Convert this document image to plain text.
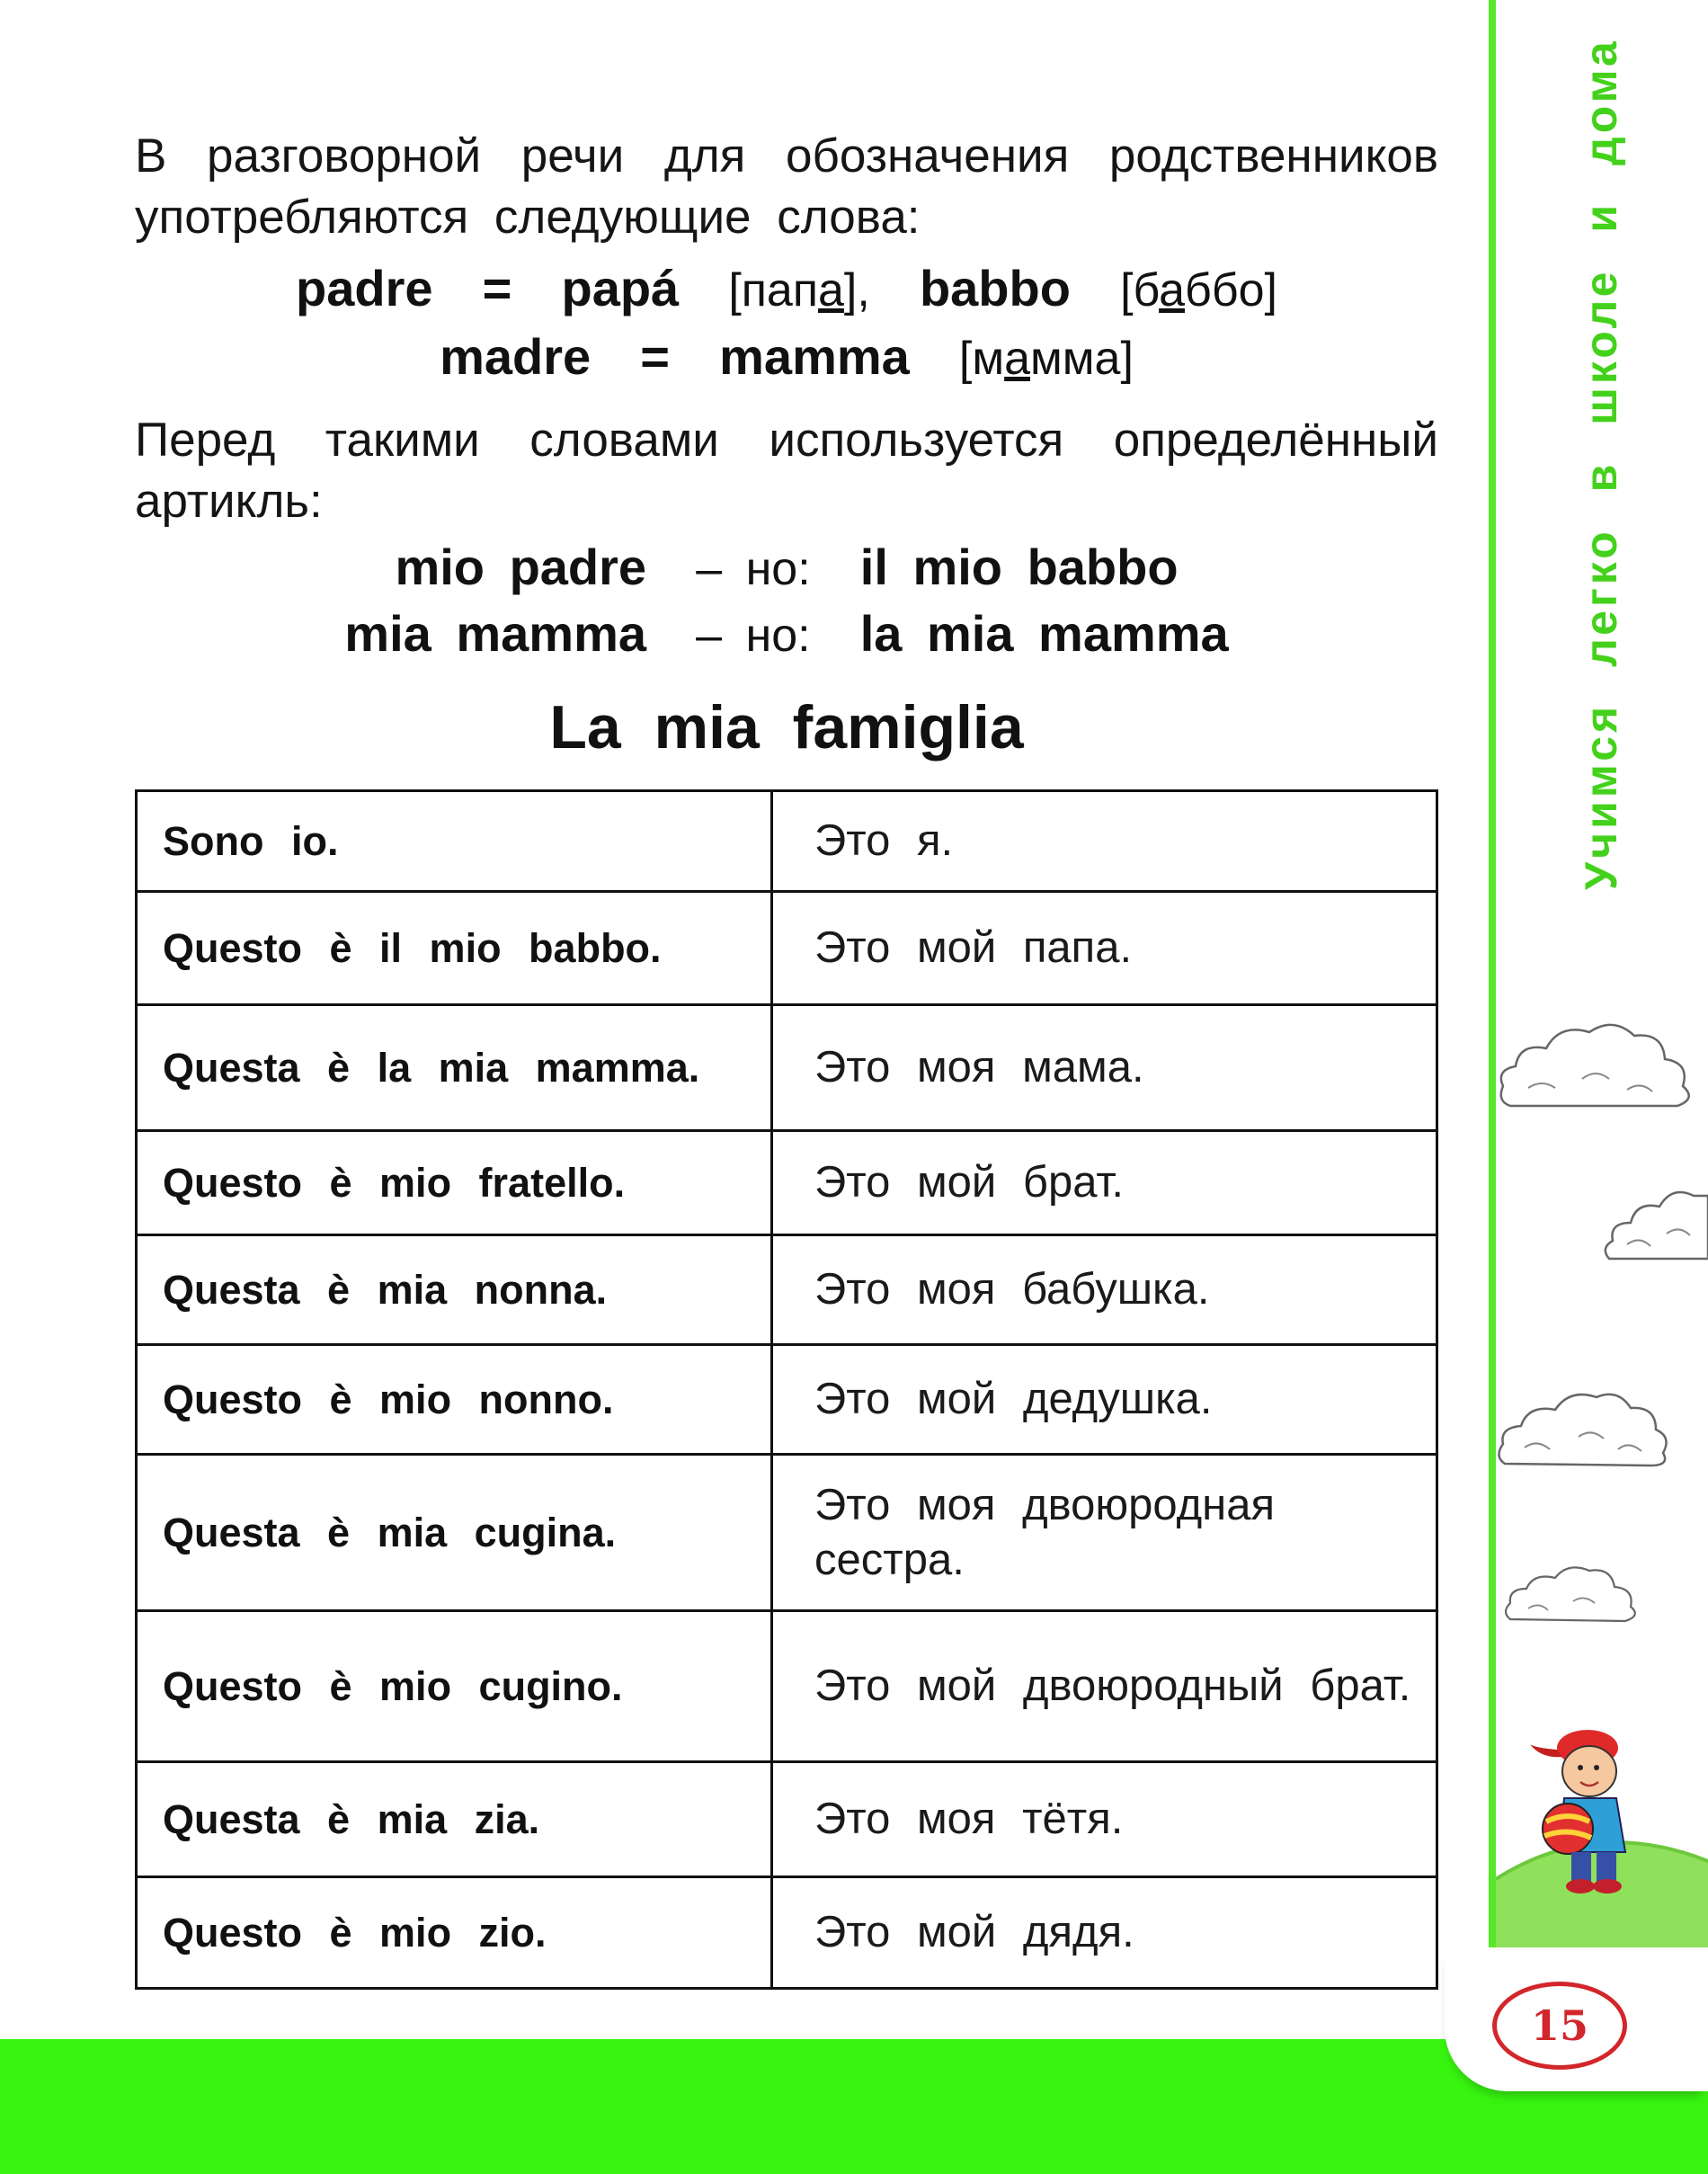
15
Учимся легко в школе и дома
В разговорной речи для обозначения родственников употребляются следующие слова:
padre = papá [папа], babbo [баббо]
madre = mamma [мамма]
Перед такими словами используется определённый артикль:
mio padre – но: il mio babbo
mia mamma – но: la mia mamma
La mia famiglia
Sono io.	Это я.
Questo è il mio babbo.	Это мой папа.
Questa è la mia mamma.	Это моя мама.
Questo è mio fratello.	Это мой брат.
Questa è mia nonna.	Это моя бабушка.
Questo è mio nonno.	Это мой дедушка.
Questa è mia cugina.	Это моя двоюродная сестра.
Questo è mio cugino.	Это мой двоюродный брат.
Questa è mia zia.	Это моя тётя.
Questo è mio zio.	Это мой дядя.
